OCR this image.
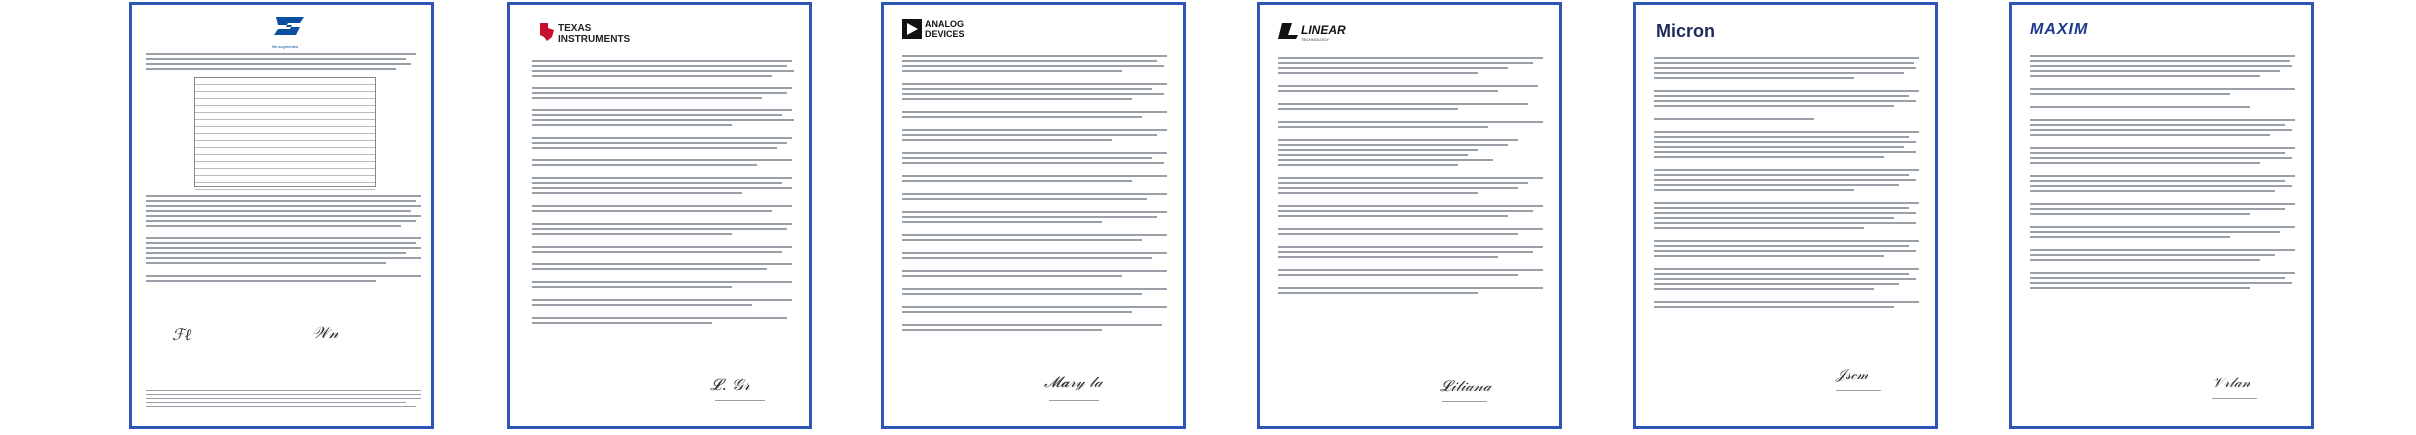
life.augmented
ℱℓ	𝒲𝓃
TEXAS
INSTRUMENTS
𝓛. 𝒢𝓇
ANALOG
DEVICES
𝓜𝓪𝓇𝓎 𝓁𝒶
LINEAR
TECHNOLOGY
𝓛𝒾𝓁𝒾𝒶𝓃𝒶
Micron
𝒥𝓈𝒸𝓂
MAXIM
𝒱𝓇𝓁𝒶𝓃
